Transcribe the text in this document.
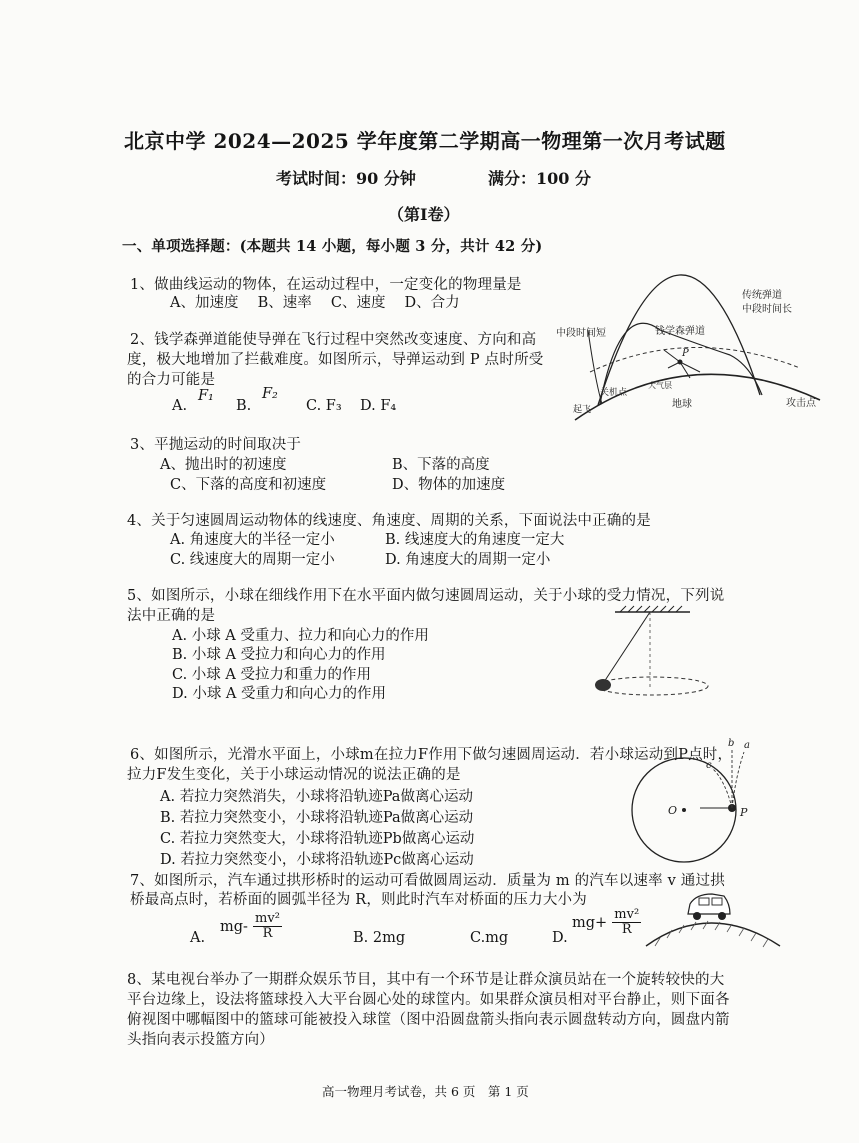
北京中学 2024—2025 学年度第二学期高一物理第一次月考试题
考试时间：90 分钟	满分：100 分
（第Ⅰ卷）
一、单项选择题：(本题共 14 小题，每小题 3 分，共计 42 分)
1、做曲线运动的物体，在运动过程中，一定变化的物理量是
A、加速度　 B、速率　 C、速度　 D、合力
2、钱学森弹道能使导弹在飞行过程中突然改变速度、方向和高
度，极大地增加了拦截难度。如图所示，导弹运动到 P 点时所受
的合力可能是
A.
F₁
B.
F₂
C. F₃ D. F₄
大气层
中段时间短
传统弹道
中段时间长
钱学森弹道
关机点
起飞	地球	攻击点
P
3、平抛运动的时间取决于
A、抛出时的初速度	B、下落的高度
C、下落的高度和初速度	D、物体的加速度
4、关于匀速圆周运动物体的线速度、角速度、周期的关系，下面说法中正确的是
A. 角速度大的半径一定小	B. 线速度大的角速度一定大
C. 线速度大的周期一定小	D. 角速度大的周期一定小
5、如图所示，小球在细线作用下在水平面内做匀速圆周运动，关于小球的受力情况，下列说
法中正确的是
A. 小球 A 受重力、拉力和向心力的作用
B. 小球 A 受拉力和向心力的作用
C. 小球 A 受拉力和重力的作用
D. 小球 A 受重力和向心力的作用
6、如图所示，光滑水平面上，小球m在拉力F作用下做匀速圆周运动．若小球运动到P点时，
拉力F发生变化，关于小球运动情况的说法正确的是
A. 若拉力突然消失，小球将沿轨迹Pa做离心运动
B. 若拉力突然变小，小球将沿轨迹Pa做离心运动
C. 若拉力突然变大，小球将沿轨迹Pb做离心运动
D. 若拉力突然变小，小球将沿轨迹Pc做离心运动
O	P
a
b
c
7、如图所示，汽车通过拱形桥时的运动可看做圆周运动．质量为 m 的汽车以速率 v 通过拱
桥最高点时，若桥面的圆弧半径为 R，则此时汽车对桥面的压力大小为
A.
$mg- \frac{\text{mv²}}{R}$	B. 2mg	C.mg	D.
$mg+ \frac{\text{mv²}}{R}$
8、某电视台举办了一期群众娱乐节目，其中有一个环节是让群众演员站在一个旋转较快的大
平台边缘上，设法将篮球投入大平台圆心处的球筐内。如果群众演员相对平台静止，则下面各
俯视图中哪幅图中的篮球可能被投入球筐（图中沿圆盘箭头指向表示圆盘转动方向，圆盘内箭
头指向表示投篮方向）
高一物理月考试卷，共 6 页　第 1 页
